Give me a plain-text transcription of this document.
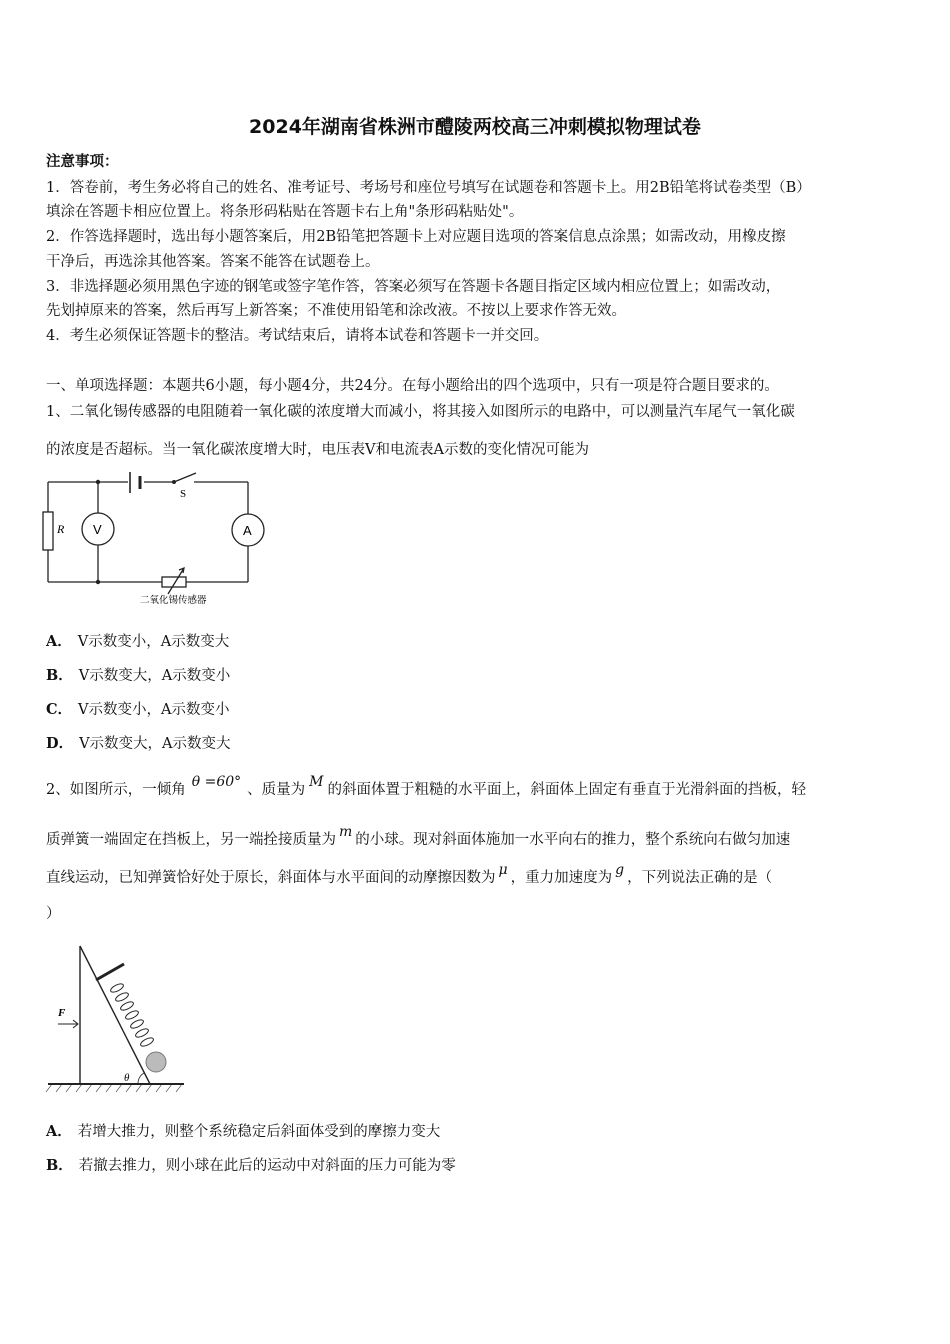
2024年湖南省株洲市醴陵两校高三冲刺模拟物理试卷
注意事项：
1．答卷前，考生务必将自己的姓名、准考证号、考场号和座位号填写在试题卷和答题卡上。用2B铅笔将试卷类型（B）
填涂在答题卡相应位置上。将条形码粘贴在答题卡右上角"条形码粘贴处"。
2．作答选择题时，选出每小题答案后，用2B铅笔把答题卡上对应题目选项的答案信息点涂黑；如需改动，用橡皮擦
干净后，再选涂其他答案。答案不能答在试题卷上。
3．非选择题必须用黑色字迹的钢笔或签字笔作答，答案必须写在答题卡各题目指定区域内相应位置上；如需改动，
先划掉原来的答案，然后再写上新答案；不准使用铅笔和涂改液。不按以上要求作答无效。
4．考生必须保证答题卡的整洁。考试结束后，请将本试卷和答题卡一并交回。
一、单项选择题：本题共6小题，每小题4分，共24分。在每小题给出的四个选项中，只有一项是符合题目要求的。
1、二氧化锡传感器的电阻随着一氧化碳的浓度增大而减小，将其接入如图所示的电路中，可以测量汽车尾气一氧化碳
的浓度是否超标。当一氧化碳浓度增大时，电压表V和电流表A示数的变化情况可能为
S
R V	A
二氧化锡传感器
A． V示数变小，A示数变大
B． V示数变大，A示数变小
C． V示数变小，A示数变小
D． V示数变大，A示数变大
2、如图所示，一倾角 θ =60° 、质量为 M 的斜面体置于粗糙的水平面上，斜面体上固定有垂直于光滑斜面的挡板，轻
质弹簧一端固定在挡板上，另一端拴接质量为 m 的小球。现对斜面体施加一水平向右的推力，整个系统向右做匀加速
直线运动，已知弹簧恰好处于原长，斜面体与水平面间的动摩擦因数为 μ ，重力加速度为 g ，下列说法正确的是（
）
F
θ
A． 若增大推力，则整个系统稳定后斜面体受到的摩擦力变大
B． 若撤去推力，则小球在此后的运动中对斜面的压力可能为零
